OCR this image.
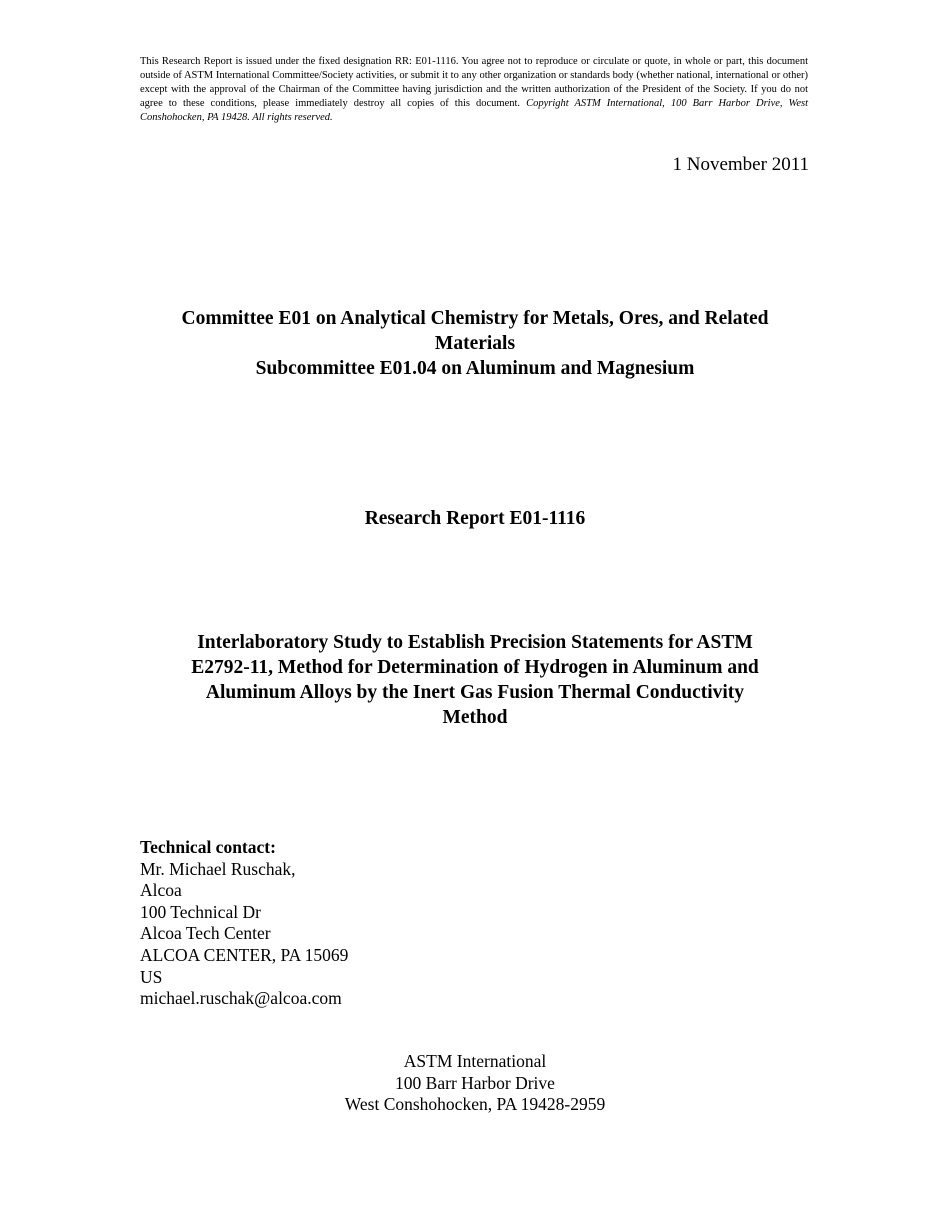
This Research Report is issued under the fixed designation RR: E01-1116. You agree not to reproduce or circulate or quote, in whole or part, this document outside of ASTM International Committee/Society activities, or submit it to any other organization or standards body (whether national, international or other) except with the approval of the Chairman of the Committee having jurisdiction and the written authorization of the President of the Society. If you do not agree to these conditions, please immediately destroy all copies of this document. Copyright ASTM International, 100 Barr Harbor Drive, West Conshohocken, PA 19428. All rights reserved.
1 November 2011
Committee E01 on Analytical Chemistry for Metals, Ores, and Related
Materials
Subcommittee E01.04 on Aluminum and Magnesium
Research Report E01-1116
Interlaboratory Study to Establish Precision Statements for ASTM
E2792-11, Method for Determination of Hydrogen in Aluminum and
Aluminum Alloys by the Inert Gas Fusion Thermal Conductivity
Method
Technical contact:
Mr. Michael Ruschak,
Alcoa
100 Technical Dr
Alcoa Tech Center
ALCOA CENTER, PA 15069
US
michael.ruschak@alcoa.com
ASTM International
100 Barr Harbor Drive
West Conshohocken, PA 19428-2959
